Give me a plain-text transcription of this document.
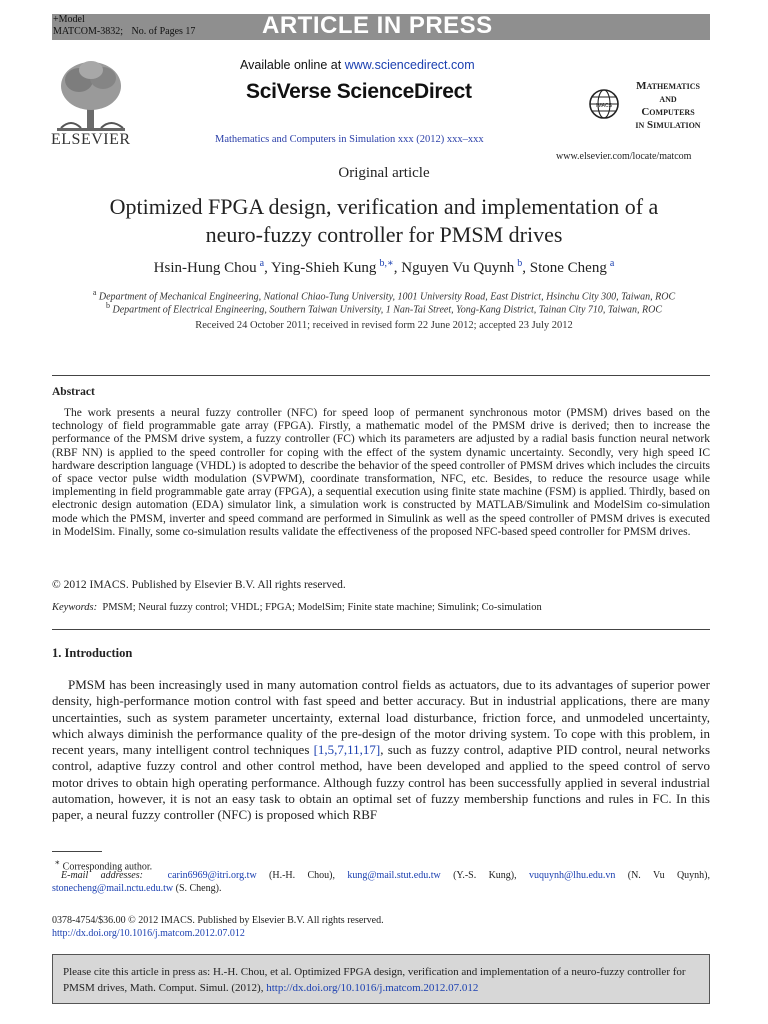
+Model
MATCOM-3832; No. of Pages 17	ARTICLE IN PRESS
ELSEVIER
Available online at www.sciencedirect.com
SciVerse ScienceDirect
Mathematics and Computers in Simulation xxx (2012) xxx–xxx
IMACS
Mathematics
and
Computers
in Simulation
www.elsevier.com/locate/matcom
Original article
Optimized FPGA design, verification and implementation of a
neuro-fuzzy controller for PMSM drives
Hsin-Hung Chou  $^a$, Ying-Shieh Kung  $^{b,∗}$, Nguyen Vu Quynh  $^b$, Stone Cheng  $^a$
$^a$ Department of Mechanical Engineering, National Chiao-Tung University, 1001 University Road, East District, Hsinchu City 300, Taiwan, ROC
$^b$ Department of Electrical Engineering, Southern Taiwan University, 1 Nan-Tai Street, Yong-Kang District, Tainan City 710, Taiwan, ROC
Received 24 October 2011; received in revised form 22 June 2012; accepted 23 July 2012
Abstract
The work presents a neural fuzzy controller (NFC) for speed loop of permanent synchronous motor (PMSM) drives based on the technology of field programmable gate array (FPGA). Firstly, a mathematic model of the PMSM drive is derived; then to increase the performance of the PMSM drive system, a fuzzy controller (FC) which its parameters are adjusted by a radial basis function neural network (RBF NN) is applied to the speed controller for coping with the effect of the system dynamic uncertainty. Secondly, very high speed IC hardware description language (VHDL) is adopted to describe the behavior of the speed controller of PMSM drives which includes the circuits of space vector pulse width modulation (SVPWM), coordinate transformation, NFC, etc. Besides, to reduce the resource usage while implementing in field programmable gate array (FPGA), a sequential execution using finite state machine (FSM) is applied. Thirdly, based on electronic design automation (EDA) simulator link, a simulation work is constructed by MATLAB/Simulink and ModelSim co-simulation mode which the PMSM, inverter and speed command are performed in Simulink as well as the speed controller of PMSM drives is executed in ModelSim. Finally, some co-simulation results validate the effectiveness of the proposed NFC-based speed controller for PMSM drives.
© 2012 IMACS. Published by Elsevier B.V. All rights reserved.
Keywords: PMSM; Neural fuzzy control; VHDL; FPGA; ModelSim; Finite state machine; Simulink; Co-simulation
1. Introduction
PMSM has been increasingly used in many automation control fields as actuators, due to its advantages of superior power density, high-performance motion control with fast speed and better accuracy. But in industrial applications, there are many uncertainties, such as system parameter uncertainty, external load disturbance, friction force, and unmodeled uncertainty, which always diminish the performance quality of the pre-design of the motor driving system. To cope with this problem, in recent years, many intelligent control techniques [1,5,7,11,17], such as fuzzy control, adaptive PID control, neural networks control, adaptive fuzzy control and other control method, have been developed and applied to the speed control of servo motor drives to obtain high operating performance. Although fuzzy control has been successfully applied in several industrial automation, however, it is not an easy task to obtain an optimal set of fuzzy membership functions and rules in FC. In this paper, a neural fuzzy controller (NFC) is proposed which RBF
∗ Corresponding author.
E-mail addresses: carin6969@itri.org.tw (H.-H. Chou), kung@mail.stut.edu.tw (Y.-S. Kung), vuquynh@lhu.edu.vn (N. Vu Quynh), stonecheng@mail.nctu.edu.tw (S. Cheng).
0378-4754/$36.00 © 2012 IMACS. Published by Elsevier B.V. All rights reserved.
http://dx.doi.org/10.1016/j.matcom.2012.07.012
Please cite this article in press as: H.-H. Chou, et al. Optimized FPGA design, verification and implementation of a neuro-fuzzy controller for PMSM drives, Math. Comput. Simul. (2012), http://dx.doi.org/10.1016/j.matcom.2012.07.012
